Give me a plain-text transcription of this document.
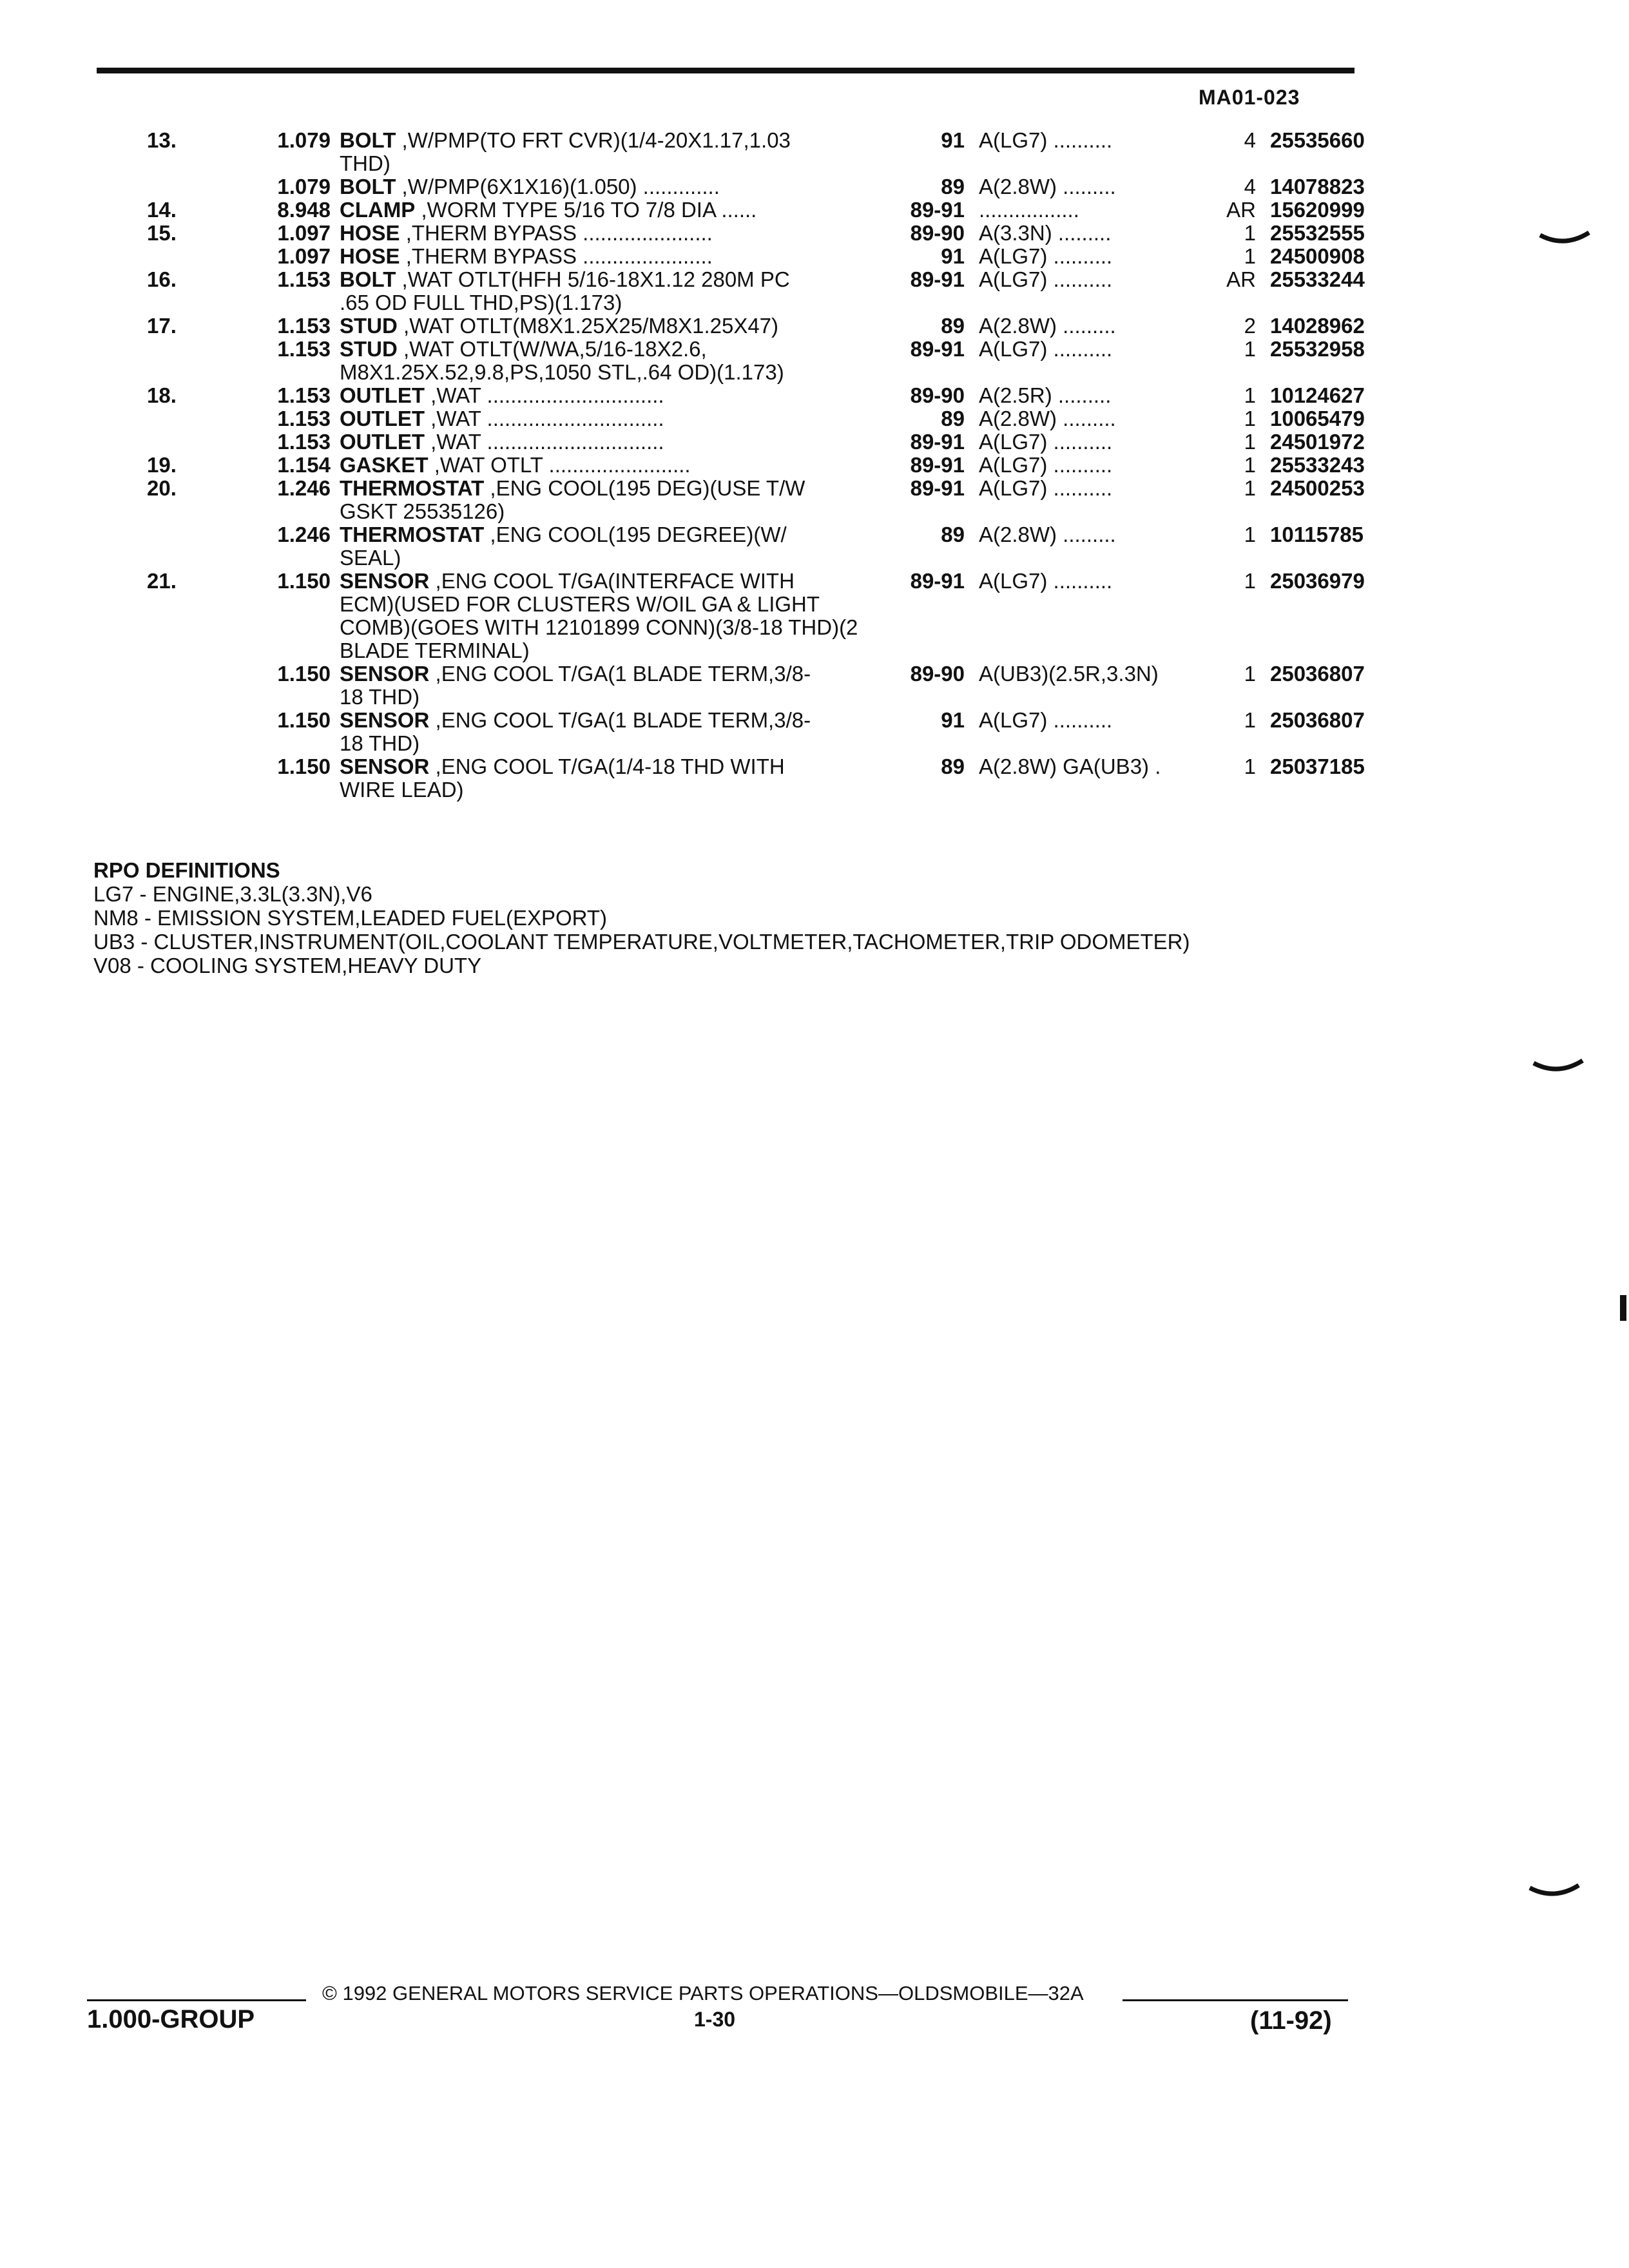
MA01-023
13.	1.079	BOLT ,W/PMP(TO FRT CVR)(1/4-20X1.17,1.03
THD)	91	A(LG7) ..........	4	25535660
	1.079	BOLT ,W/PMP(6X1X16)(1.050) .............	89	A(2.8W) .........	4	14078823
14.	8.948	CLAMP ,WORM TYPE 5/16 TO 7/8 DIA ......	89-91	.................	AR	15620999
15.	1.097	HOSE ,THERM BYPASS ......................	89-90	A(3.3N) .........	1	25532555
	1.097	HOSE ,THERM BYPASS ......................	91	A(LG7) ..........	1	24500908
16.	1.153	BOLT ,WAT OTLT(HFH 5/16-18X1.12 280M PC
.65 OD FULL THD,PS)(1.173)	89-91	A(LG7) ..........	AR	25533244
17.	1.153	STUD ,WAT OTLT(M8X1.25X25/M8X1.25X47)	89	A(2.8W) .........	2	14028962
	1.153	STUD ,WAT OTLT(W/WA,5/16-18X2.6,
M8X1.25X.52,9.8,PS,1050 STL,.64 OD)(1.173)	89-91	A(LG7) ..........	1	25532958
18.	1.153	OUTLET ,WAT ..............................	89-90	A(2.5R) .........	1	10124627
	1.153	OUTLET ,WAT ..............................	89	A(2.8W) .........	1	10065479
	1.153	OUTLET ,WAT ..............................	89-91	A(LG7) ..........	1	24501972
19.	1.154	GASKET ,WAT OTLT ........................	89-91	A(LG7) ..........	1	25533243
20.	1.246	THERMOSTAT ,ENG COOL(195 DEG)(USE T/W
GSKT 25535126)	89-91	A(LG7) ..........	1	24500253
	1.246	THERMOSTAT ,ENG COOL(195 DEGREE)(W/
SEAL)	89	A(2.8W) .........	1	10115785
21.	1.150	SENSOR ,ENG COOL T/GA(INTERFACE WITH
ECM)(USED FOR CLUSTERS W/OIL GA & LIGHT COMB)(GOES WITH 12101899 CONN)(3/8-18 THD)(2 BLADE TERMINAL)	89-91	A(LG7) ..........	1	25036979
	1.150	SENSOR ,ENG COOL T/GA(1 BLADE TERM,3/8-
18 THD)	89-90	A(UB3)(2.5R,3.3N)	1	25036807
	1.150	SENSOR ,ENG COOL T/GA(1 BLADE TERM,3/8-
18 THD)	91	A(LG7) ..........	1	25036807
	1.150	SENSOR ,ENG COOL T/GA(1/4-18 THD WITH
WIRE LEAD)	89	A(2.8W) GA(UB3) .	1	25037185
RPO DEFINITIONS
LG7 - ENGINE,3.3L(3.3N),V6
NM8 - EMISSION SYSTEM,LEADED FUEL(EXPORT)
UB3 - CLUSTER,INSTRUMENT(OIL,COOLANT TEMPERATURE,VOLTMETER,TACHOMETER,TRIP ODOMETER)
V08 - COOLING SYSTEM,HEAVY DUTY
© 1992 GENERAL MOTORS SERVICE PARTS OPERATIONS—OLDSMOBILE—32A
1.000-GROUP	1-30	(11-92)
